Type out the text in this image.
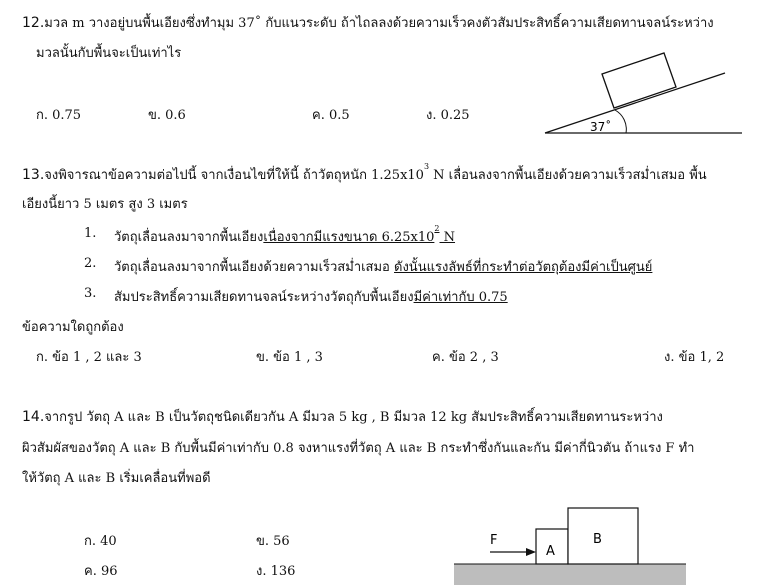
12.มวล m วางอยู่บนพื้นเอียงซึ่งทำมุม 37˚ กับแนวระดับ ถ้าไถลลงด้วยความเร็วคงตัวสัมประสิทธิ์ความเสียดทานจลน์ระหว่าง
มวลนั้นกับพื้นจะเป็นเท่าไร
ก. 0.75	ข. 0.6	ค. 0.5	ง. 0.25
37˚
13.จงพิจารณาข้อความต่อไปนี้ จากเงื่อนไขที่ให้นี้ ถ้าวัตถุหนัก $1.25x10^3$ N เลื่อนลงจากพื้นเอียงด้วยความเร็วสม่ำเสมอ พื้น
เอียงนี้ยาว 5 เมตร สูง 3 เมตร
1. วัตถุเลื่อนลงมาจากพื้นเอียงเนื่องจากมีแรงขนาด $6.25x10^2$ N
2. วัตถุเลื่อนลงมาจากพื้นเอียงด้วยความเร็วสม่ำเสมอ ดังนั้นแรงลัพธ์ที่กระทำต่อวัตถุต้องมีค่าเป็นศูนย์
3. สัมประสิทธิ์ความเสียดทานจลน์ระหว่างวัตถุกับพื้นเอียงมีค่าเท่ากับ 0.75
ข้อความใดถูกต้อง
ก. ข้อ 1 , 2 และ 3	ข. ข้อ 1 , 3	ค. ข้อ 2 , 3	ง. ข้อ 1, 2
14.จากรูป วัตถุ A และ B เป็นวัตถุชนิดเดียวกัน A มีมวล 5 kg , B มีมวล 12 kg สัมประสิทธิ์ความเสียดทานระหว่าง
ผิวสัมผัสของวัตถุ A และ B กับพื้นมีค่าเท่ากับ 0.8 จงหาแรงที่วัตถุ A และ B กระทำซึ่งกันและกัน มีค่ากี่นิวตัน ถ้าแรง F ทำ
ให้วัตถุ A และ B เริ่มเคลื่อนที่พอดี
ก. 40	ข. 56
ค. 96	ง. 136
F
A
B
